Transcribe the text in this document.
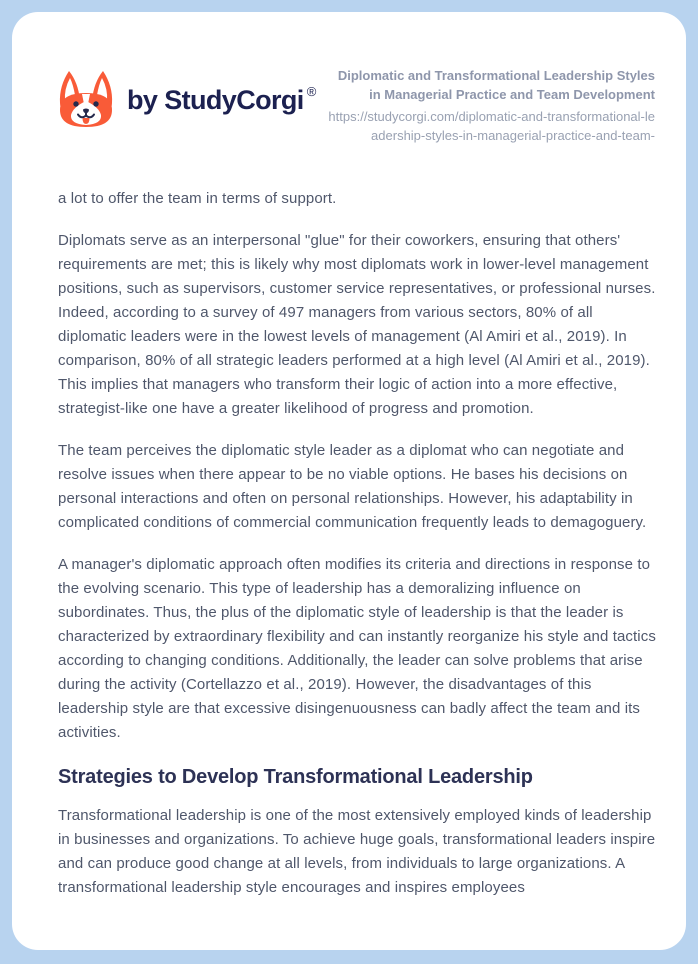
by StudyCorgi ®
Diplomatic and Transformational Leadership Styles in Managerial Practice and Team Development
https://studycorgi.com/diplomatic-and-transformational-leadership-styles-in-managerial-practice-and-team-

a lot to offer the team in terms of support.

Diplomats serve as an interpersonal "glue" for their coworkers, ensuring that others' requirements are met; this is likely why most diplomats work in lower-level management positions, such as supervisors, customer service representatives, or professional nurses. Indeed, according to a survey of 497 managers from various sectors, 80% of all diplomatic leaders were in the lowest levels of management (Al Amiri et al., 2019). In comparison, 80% of all strategic leaders performed at a high level (Al Amiri et al., 2019). This implies that managers who transform their logic of action into a more effective, strategist-like one have a greater likelihood of progress and promotion.

The team perceives the diplomatic style leader as a diplomat who can negotiate and resolve issues when there appear to be no viable options. He bases his decisions on personal interactions and often on personal relationships. However, his adaptability in complicated conditions of commercial communication frequently leads to demagoguery.

A manager's diplomatic approach often modifies its criteria and directions in response to the evolving scenario. This type of leadership has a demoralizing influence on subordinates. Thus, the plus of the diplomatic style of leadership is that the leader is characterized by extraordinary flexibility and can instantly reorganize his style and tactics according to changing conditions. Additionally, the leader can solve problems that arise during the activity (Cortellazzo et al., 2019). However, the disadvantages of this leadership style are that excessive disingenuousness can badly affect the team and its activities.

Strategies to Develop Transformational Leadership

Transformational leadership is one of the most extensively employed kinds of leadership in businesses and organizations. To achieve huge goals, transformational leaders inspire and can produce good change at all levels, from individuals to large organizations. A transformational leadership style encourages and inspires employees
